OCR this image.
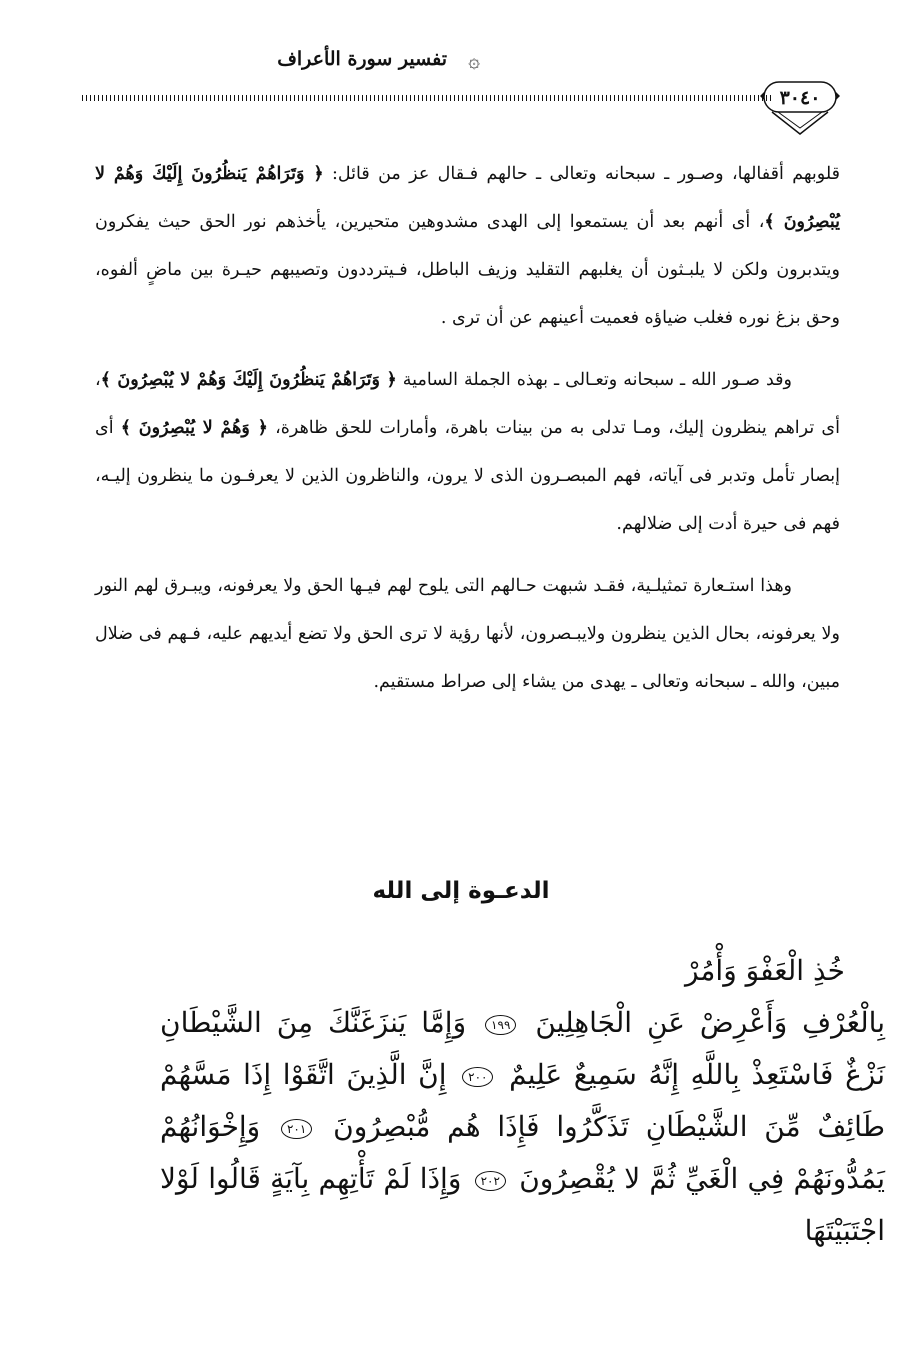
تفسير سورة الأعراف ۞
٣٠٤٠

قلوبهم أقفالها، وصـور ـ سبحانه وتعالى ـ حالهم فـقال عز من قائل: ﴿ وَتَرَاهُمْ يَنظُرُونَ إِلَيْكَ وَهُمْ لا يُبْصِرُونَ ﴾، أى أنهم بعد أن يستمعوا إلى الهدى مشدوهين متحيرين، يأخذهم نور الحق حيث يفكرون ويتدبرون ولكن لا يلبـثون أن يغلبهم التقليد وزيف الباطل، فـيترددون وتصيبهم حيـرة بين ماضٍ ألفوه، وحق بزغ نوره فغلب ضياؤه فعميت أعينهم عن أن ترى .

وقد صـور الله ـ سبحانه وتعـالى ـ بهذه الجملة السامية ﴿ وَتَرَاهُمْ يَنظُرُونَ إِلَيْكَ وَهُمْ لا يُبْصِرُونَ ﴾، أى تراهم ينظرون إليك، ومـا تدلى به من بينات باهرة، وأمارات للحق ظاهرة، ﴿ وَهُمْ لا يُبْصِرُونَ ﴾ أى إبصار تأمل وتدبر فى آياته، فهم المبصـرون الذى لا يرون، والناظرون الذين لا يعرفـون ما ينظرون إليـه، فهم فى حيرة أدت إلى ضلالهم.

وهذا استـعارة تمثيلـية، فقـد شبهت حـالهم التى يلوح لهم فيـها الحق ولا يعرفونه، ويبـرق لهم النور ولا يعرفونه، بحال الذين ينظرون ولايبـصرون، لأنها رؤية لا ترى الحق ولا تضع أيديهم عليه، فـهم فى ضلال مبين، والله ـ سبحانه وتعالى ـ يهدى من يشاء إلى صراط مستقيم.

الدعـوة إلى الله
خُذِ الْعَفْوَ وَأْمُرْ
بِالْعُرْفِ وَأَعْرِضْ عَنِ الْجَاهِلِينَ ١٩٩ وَإِمَّا يَنزَغَنَّكَ مِنَ الشَّيْطَانِ نَزْغٌ فَاسْتَعِذْ بِاللَّهِ إِنَّهُ سَمِيعٌ عَلِيمٌ ٢٠٠ إِنَّ الَّذِينَ اتَّقَوْا إِذَا مَسَّهُمْ طَائِفٌ مِّنَ الشَّيْطَانِ تَذَكَّرُوا فَإِذَا هُم مُّبْصِرُونَ ٢٠١ وَإِخْوَانُهُمْ يَمُدُّونَهُمْ فِي الْغَيِّ ثُمَّ لا يُقْصِرُونَ ٢٠٢ وَإِذَا لَمْ تَأْتِهِم بِآيَةٍ قَالُوا لَوْلا اجْتَبَيْتَهَا
